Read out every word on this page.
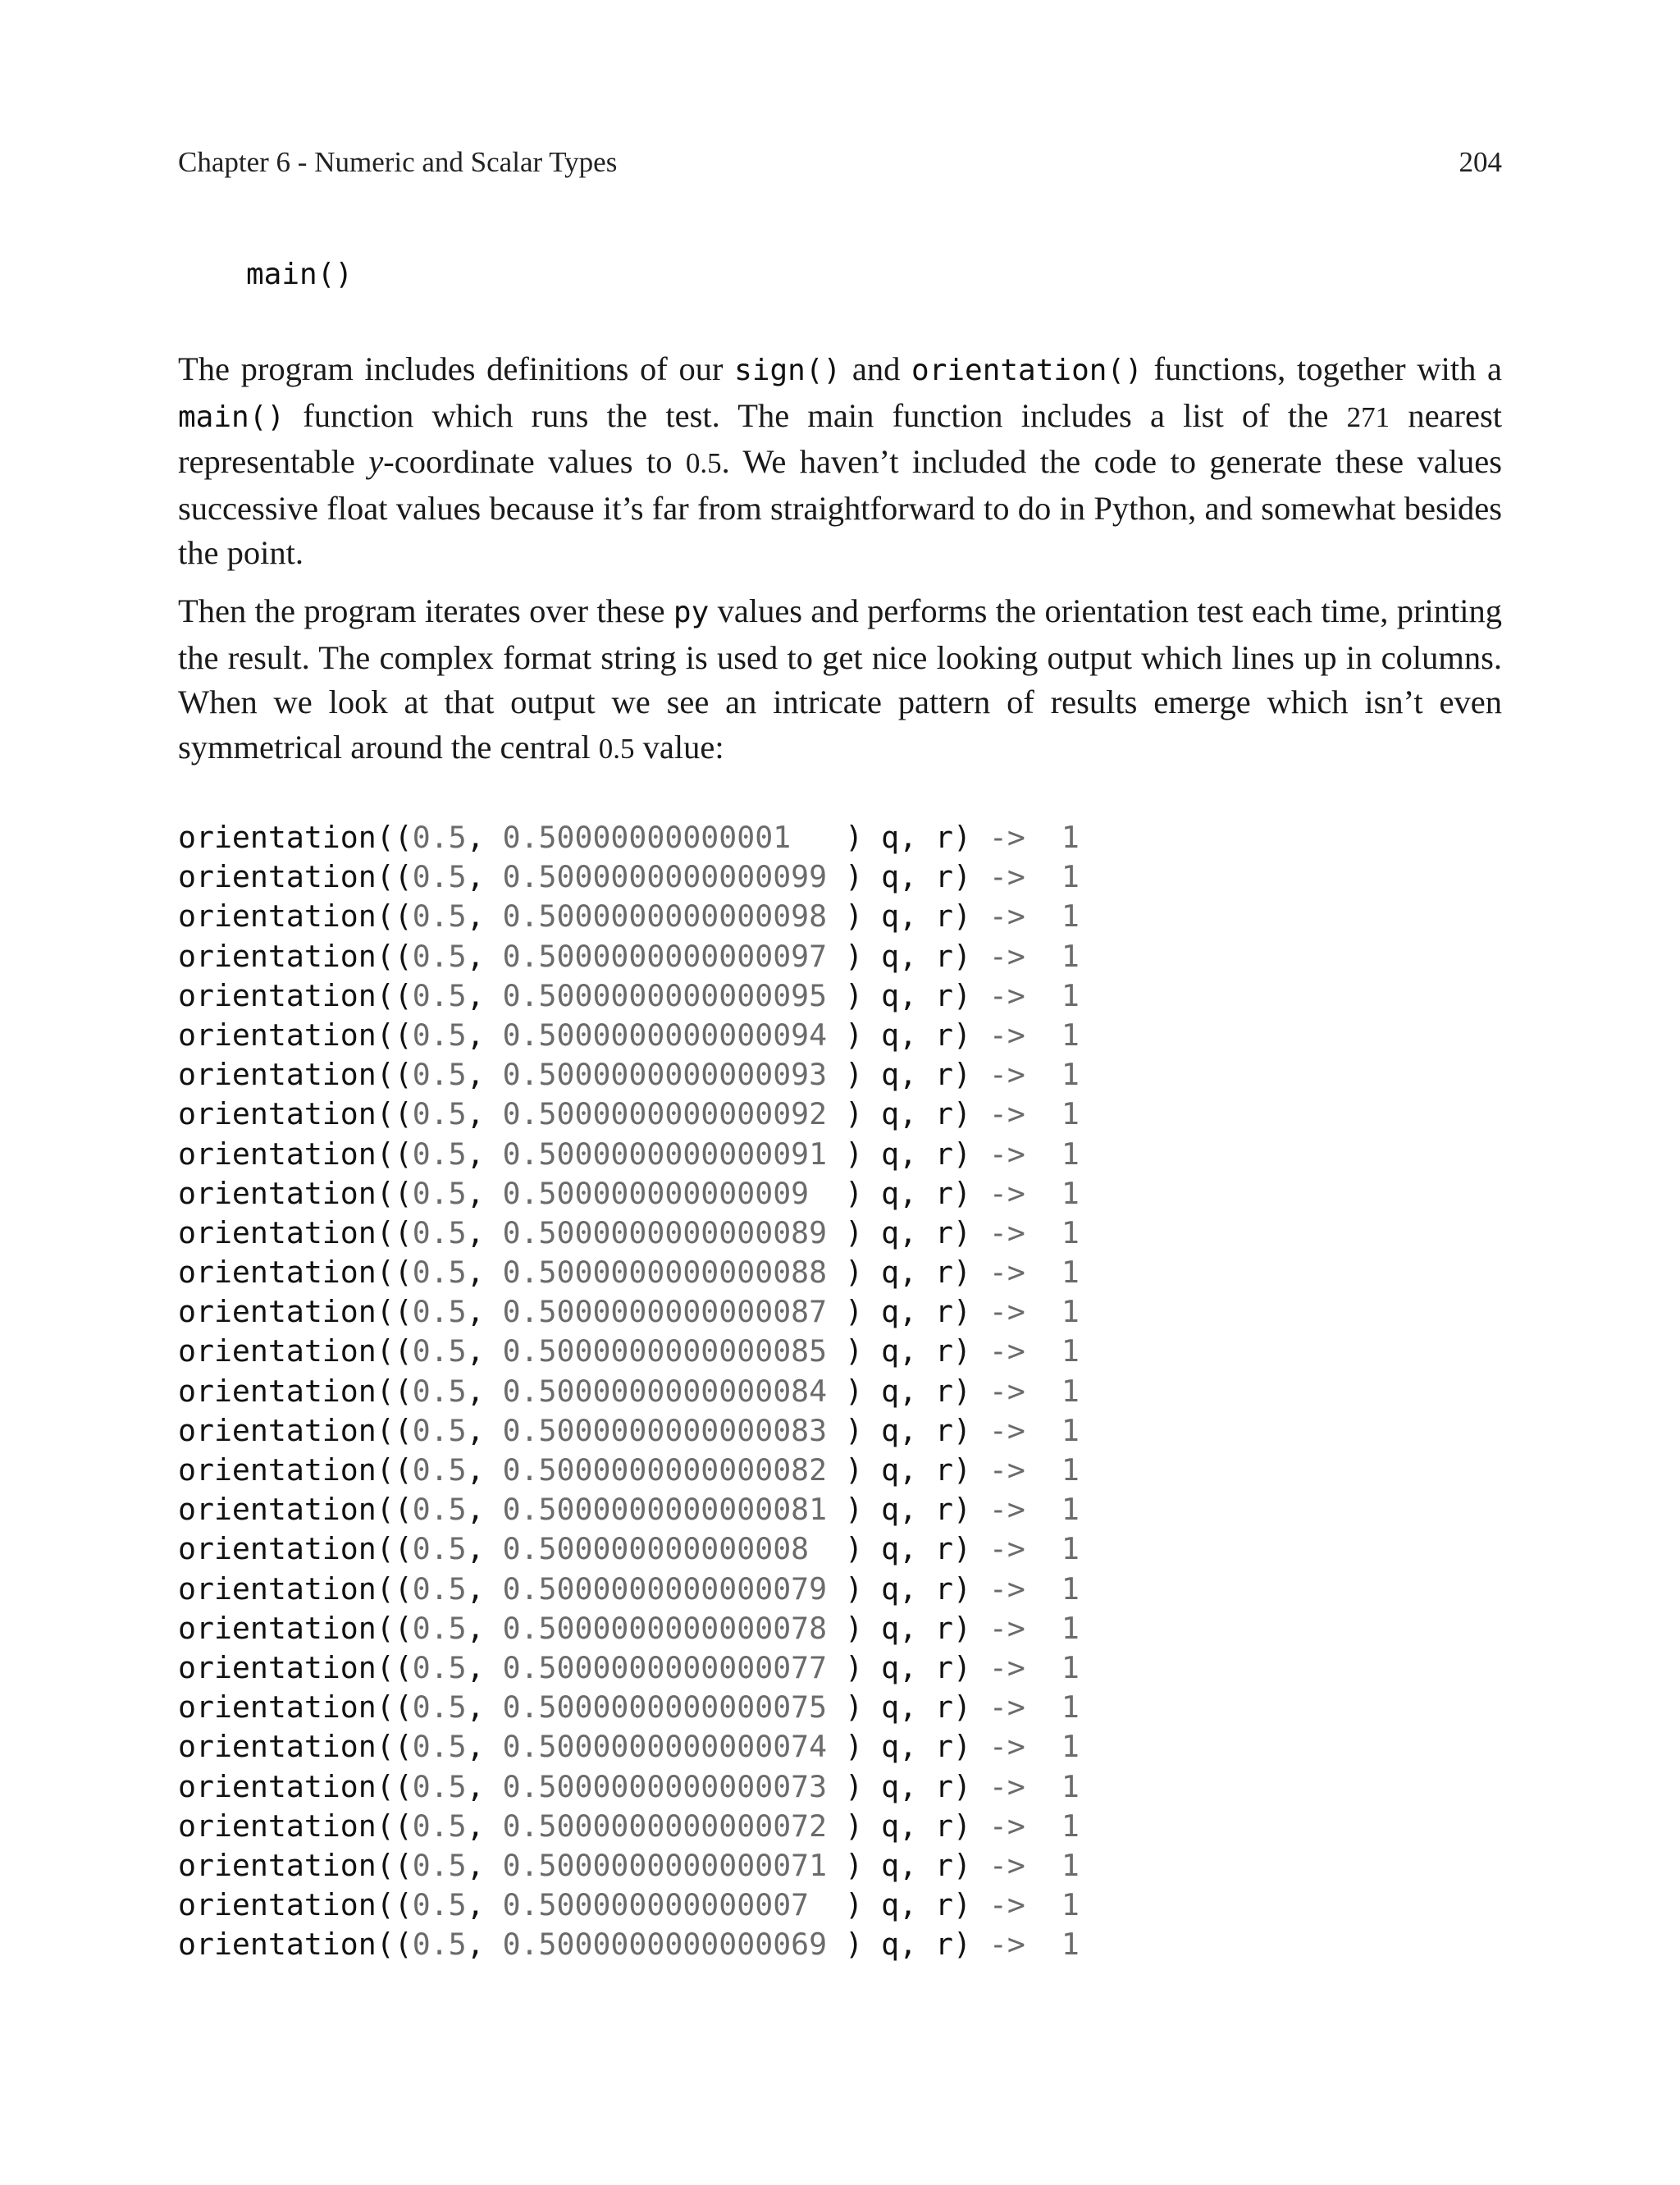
Chapter 6 - Numeric and Scalar Types	204
main()

The program includes definitions of our sign() and orientation() functions, together with a main() function which runs the test. The main function includes a list of the 271 nearest representable y-coordinate values to 0.5. We haven’t included the code to generate these values successive float values because it’s far from straightforward to do in Python, and somewhat besides the point.

Then the program iterates over these py values and performs the orientation test each time, printing the result. The complex format string is used to get nice looking output which lines up in columns. When we look at that output we see an intricate pattern of results emerge which isn’t even symmetrical around the central 0.5 value:

orientation((0.5, 0.50000000000001   ) q, r) -> 1
orientation((0.5, 0.5000000000000099 ) q, r) -> 1
orientation((0.5, 0.5000000000000098 ) q, r) -> 1
orientation((0.5, 0.5000000000000097 ) q, r) -> 1
orientation((0.5, 0.5000000000000095 ) q, r) -> 1
orientation((0.5, 0.5000000000000094 ) q, r) -> 1
orientation((0.5, 0.5000000000000093 ) q, r) -> 1
orientation((0.5, 0.5000000000000092 ) q, r) -> 1
orientation((0.5, 0.5000000000000091 ) q, r) -> 1
orientation((0.5, 0.500000000000009  ) q, r) -> 1
orientation((0.5, 0.5000000000000089 ) q, r) -> 1
orientation((0.5, 0.5000000000000088 ) q, r) -> 1
orientation((0.5, 0.5000000000000087 ) q, r) -> 1
orientation((0.5, 0.5000000000000085 ) q, r) -> 1
orientation((0.5, 0.5000000000000084 ) q, r) -> 1
orientation((0.5, 0.5000000000000083 ) q, r) -> 1
orientation((0.5, 0.5000000000000082 ) q, r) -> 1
orientation((0.5, 0.5000000000000081 ) q, r) -> 1
orientation((0.5, 0.500000000000008  ) q, r) -> 1
orientation((0.5, 0.5000000000000079 ) q, r) -> 1
orientation((0.5, 0.5000000000000078 ) q, r) -> 1
orientation((0.5, 0.5000000000000077 ) q, r) -> 1
orientation((0.5, 0.5000000000000075 ) q, r) -> 1
orientation((0.5, 0.5000000000000074 ) q, r) -> 1
orientation((0.5, 0.5000000000000073 ) q, r) -> 1
orientation((0.5, 0.5000000000000072 ) q, r) -> 1
orientation((0.5, 0.5000000000000071 ) q, r) -> 1
orientation((0.5, 0.500000000000007  ) q, r) -> 1
orientation((0.5, 0.5000000000000069 ) q, r) -> 1
